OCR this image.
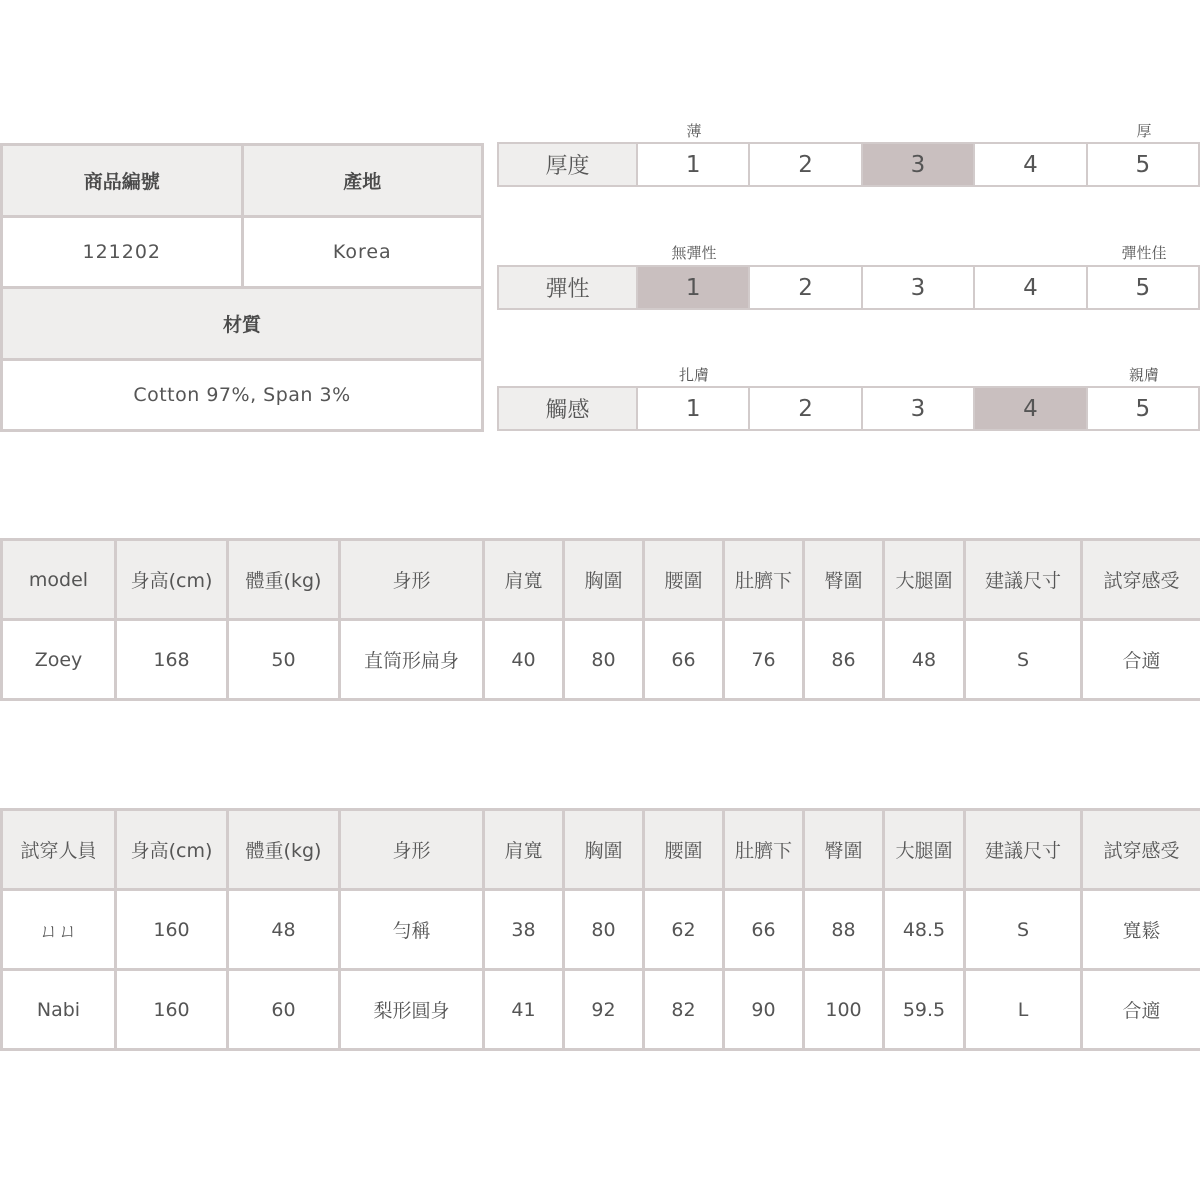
商品編號	產地
121202	Korea
材質
Cotton 97%, Span 3%
薄	厚
厚度	1	2	3	4	5
無彈性	彈性佳
彈性	1	2	3	4	5
扎膚	親膚
觸感	1	2	3	4	5
model	身高(cm)	體重(kg)	身形	肩寬	胸圍	腰圍	肚臍下	臀圍	大腿圍	建議尺寸	試穿感受
Zoey	168	50	直筒形扁身	40	80	66	76	86	48	S	合適
試穿人員	身高(cm)	體重(kg)	身形	肩寬	胸圍	腰圍	肚臍下	臀圍	大腿圍	建議尺寸	試穿感受
ㄩㄩ	160	48	勻稱	38	80	62	66	88	48.5	S	寬鬆
Nabi	160	60	梨形圓身	41	92	82	90	100	59.5	L	合適
